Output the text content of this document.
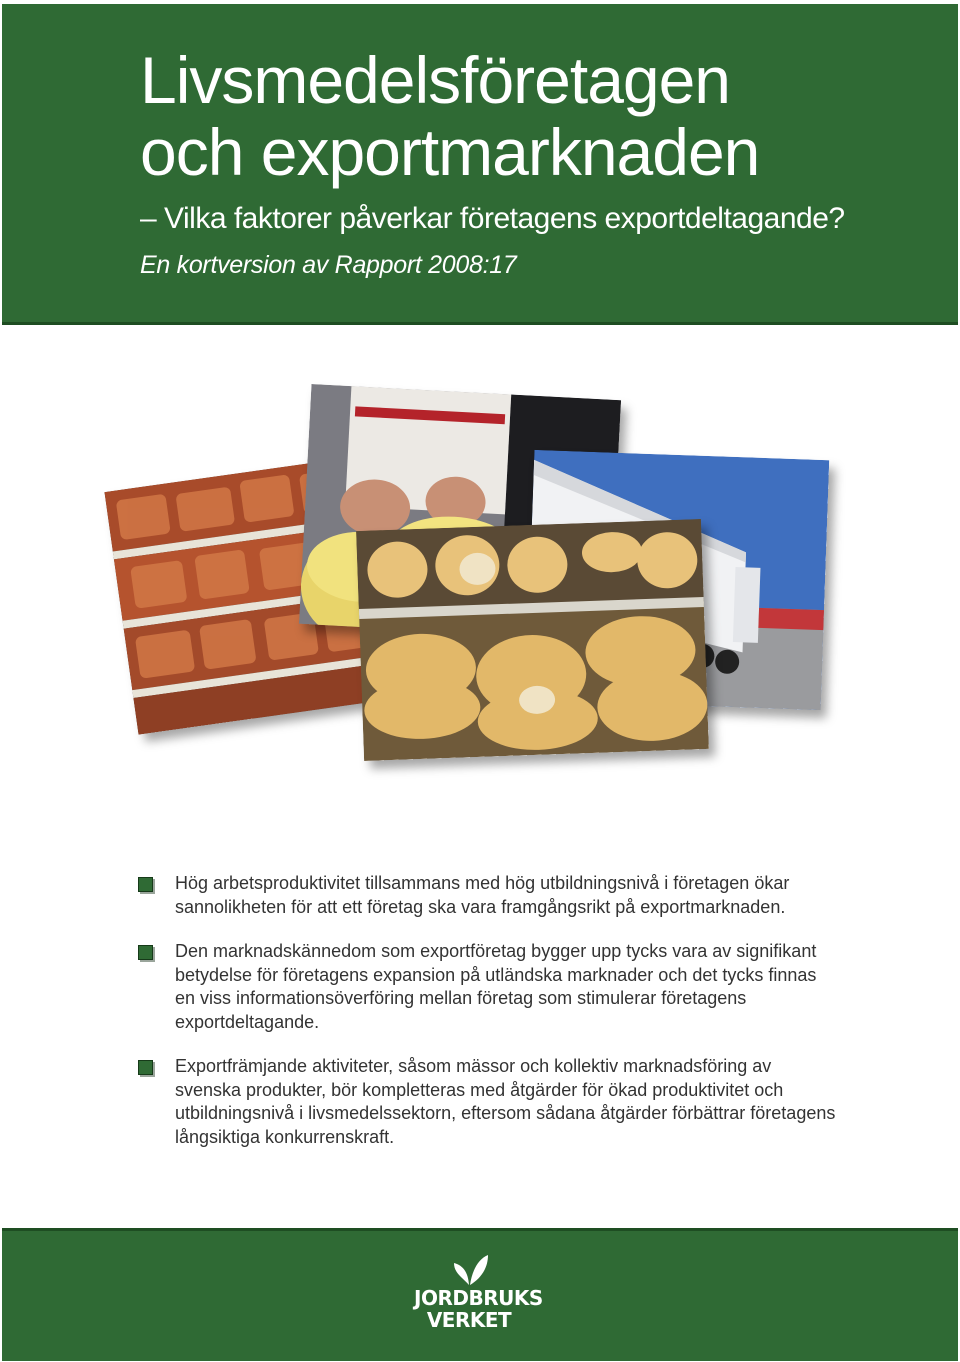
Livsmedelsföretagen
och exportmarknaden

– Vilka faktorer påverkar företagens exportdeltagande?

En kortversion av Rapport 2008:17

Hög arbetsproduktivitet tillsammans med hög utbildningsnivå i företagen ökar sannolikheten för att ett företag ska vara framgångsrikt på exportmarknaden.
Den marknadskännedom som exportföretag bygger upp tycks vara av signifikant betydelse för företagens expansion på utländska marknader och det tycks finnas en viss informationsöverföring mellan företag som stimulerar företagens exportdeltagande.
Exportfrämjande aktiviteter, såsom mässor och kollektiv marknadsföring av svenska produkter, bör kompletteras med åtgärder för ökad produktivitet och utbildningsnivå i livsmedelssektorn, eftersom sådana åtgärder förbättrar företagens långsiktiga konkurrenskraft.
JORDBRUKS
VERKET
